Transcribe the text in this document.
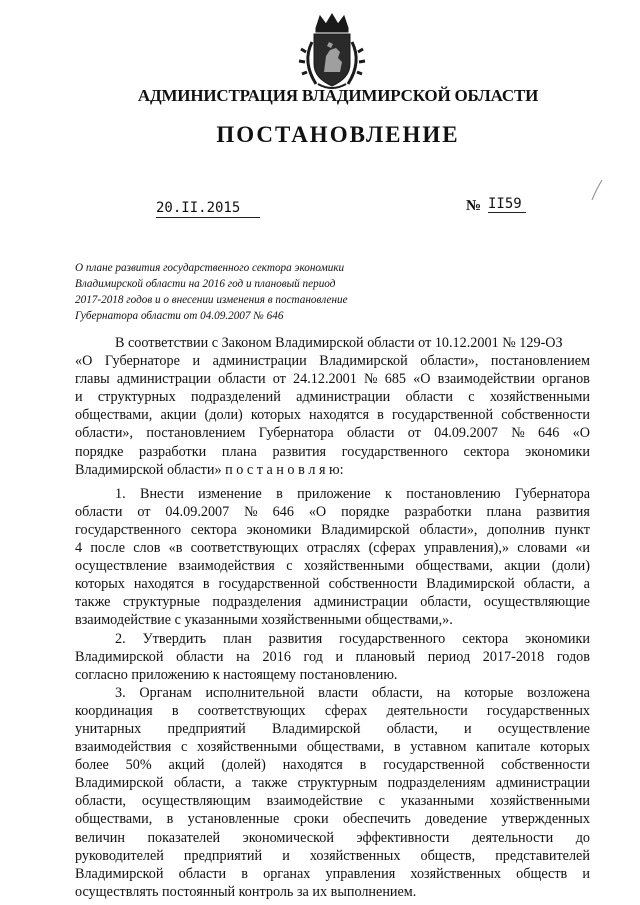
АДМИНИСТРАЦИЯ ВЛАДИМИРСКОЙ ОБЛАСТИ
ПОСТАНОВЛЕНИЕ
20.II.2015	№ II59
О плане развития государственного сектора экономики
Владимирской области на 2016 год и плановый период
2017-2018 годов и о внесении изменения в постановление
Губернатора области от 04.09.2007 № 646
В соответствии с Законом Владимирской области от 10.12.2001 № 129-ОЗ
«О Губернаторе и администрации Владимирской области», постановлением
главы администрации области от 24.12.2001 № 685 «О взаимодействии органов
и структурных подразделений администрации области с хозяйственными
обществами, акции (доли) которых находятся в государственной собственности
области», постановлением Губернатора области от 04.09.2007 № 646 «О
порядке разработки плана развития государственного сектора экономики
Владимирской области» п о с т а н о в л я ю:
1. Внести изменение в приложение к постановлению Губернатора
области от 04.09.2007 № 646 «О порядке разработки плана развития
государственного сектора экономики Владимирской области», дополнив пункт
4 после слов «в соответствующих отраслях (сферах управления),» словами «и
осуществление взаимодействия с хозяйственными обществами, акции (доли)
которых находятся в государственной собственности Владимирской области, а
также структурные подразделения администрации области, осуществляющие
взаимодействие с указанными хозяйственными обществами,».
2. Утвердить план развития государственного сектора экономики
Владимирской области на 2016 год и плановый период 2017-2018 годов
согласно приложению к настоящему постановлению.
3. Органам исполнительной власти области, на которые возложена
координация в соответствующих сферах деятельности государственных
унитарных предприятий Владимирской области, и осуществление
взаимодействия с хозяйственными обществами, в уставном капитале которых
более 50% акций (долей) находятся в государственной собственности
Владимирской области, а также структурным подразделениям администрации
области, осуществляющим взаимодействие с указанными хозяйственными
обществами, в установленные сроки обеспечить доведение утвержденных
величин показателей экономической эффективности деятельности до
руководителей предприятий и хозяйственных обществ, представителей
Владимирской области в органах управления хозяйственных обществ и
осуществлять постоянный контроль за их выполнением.
